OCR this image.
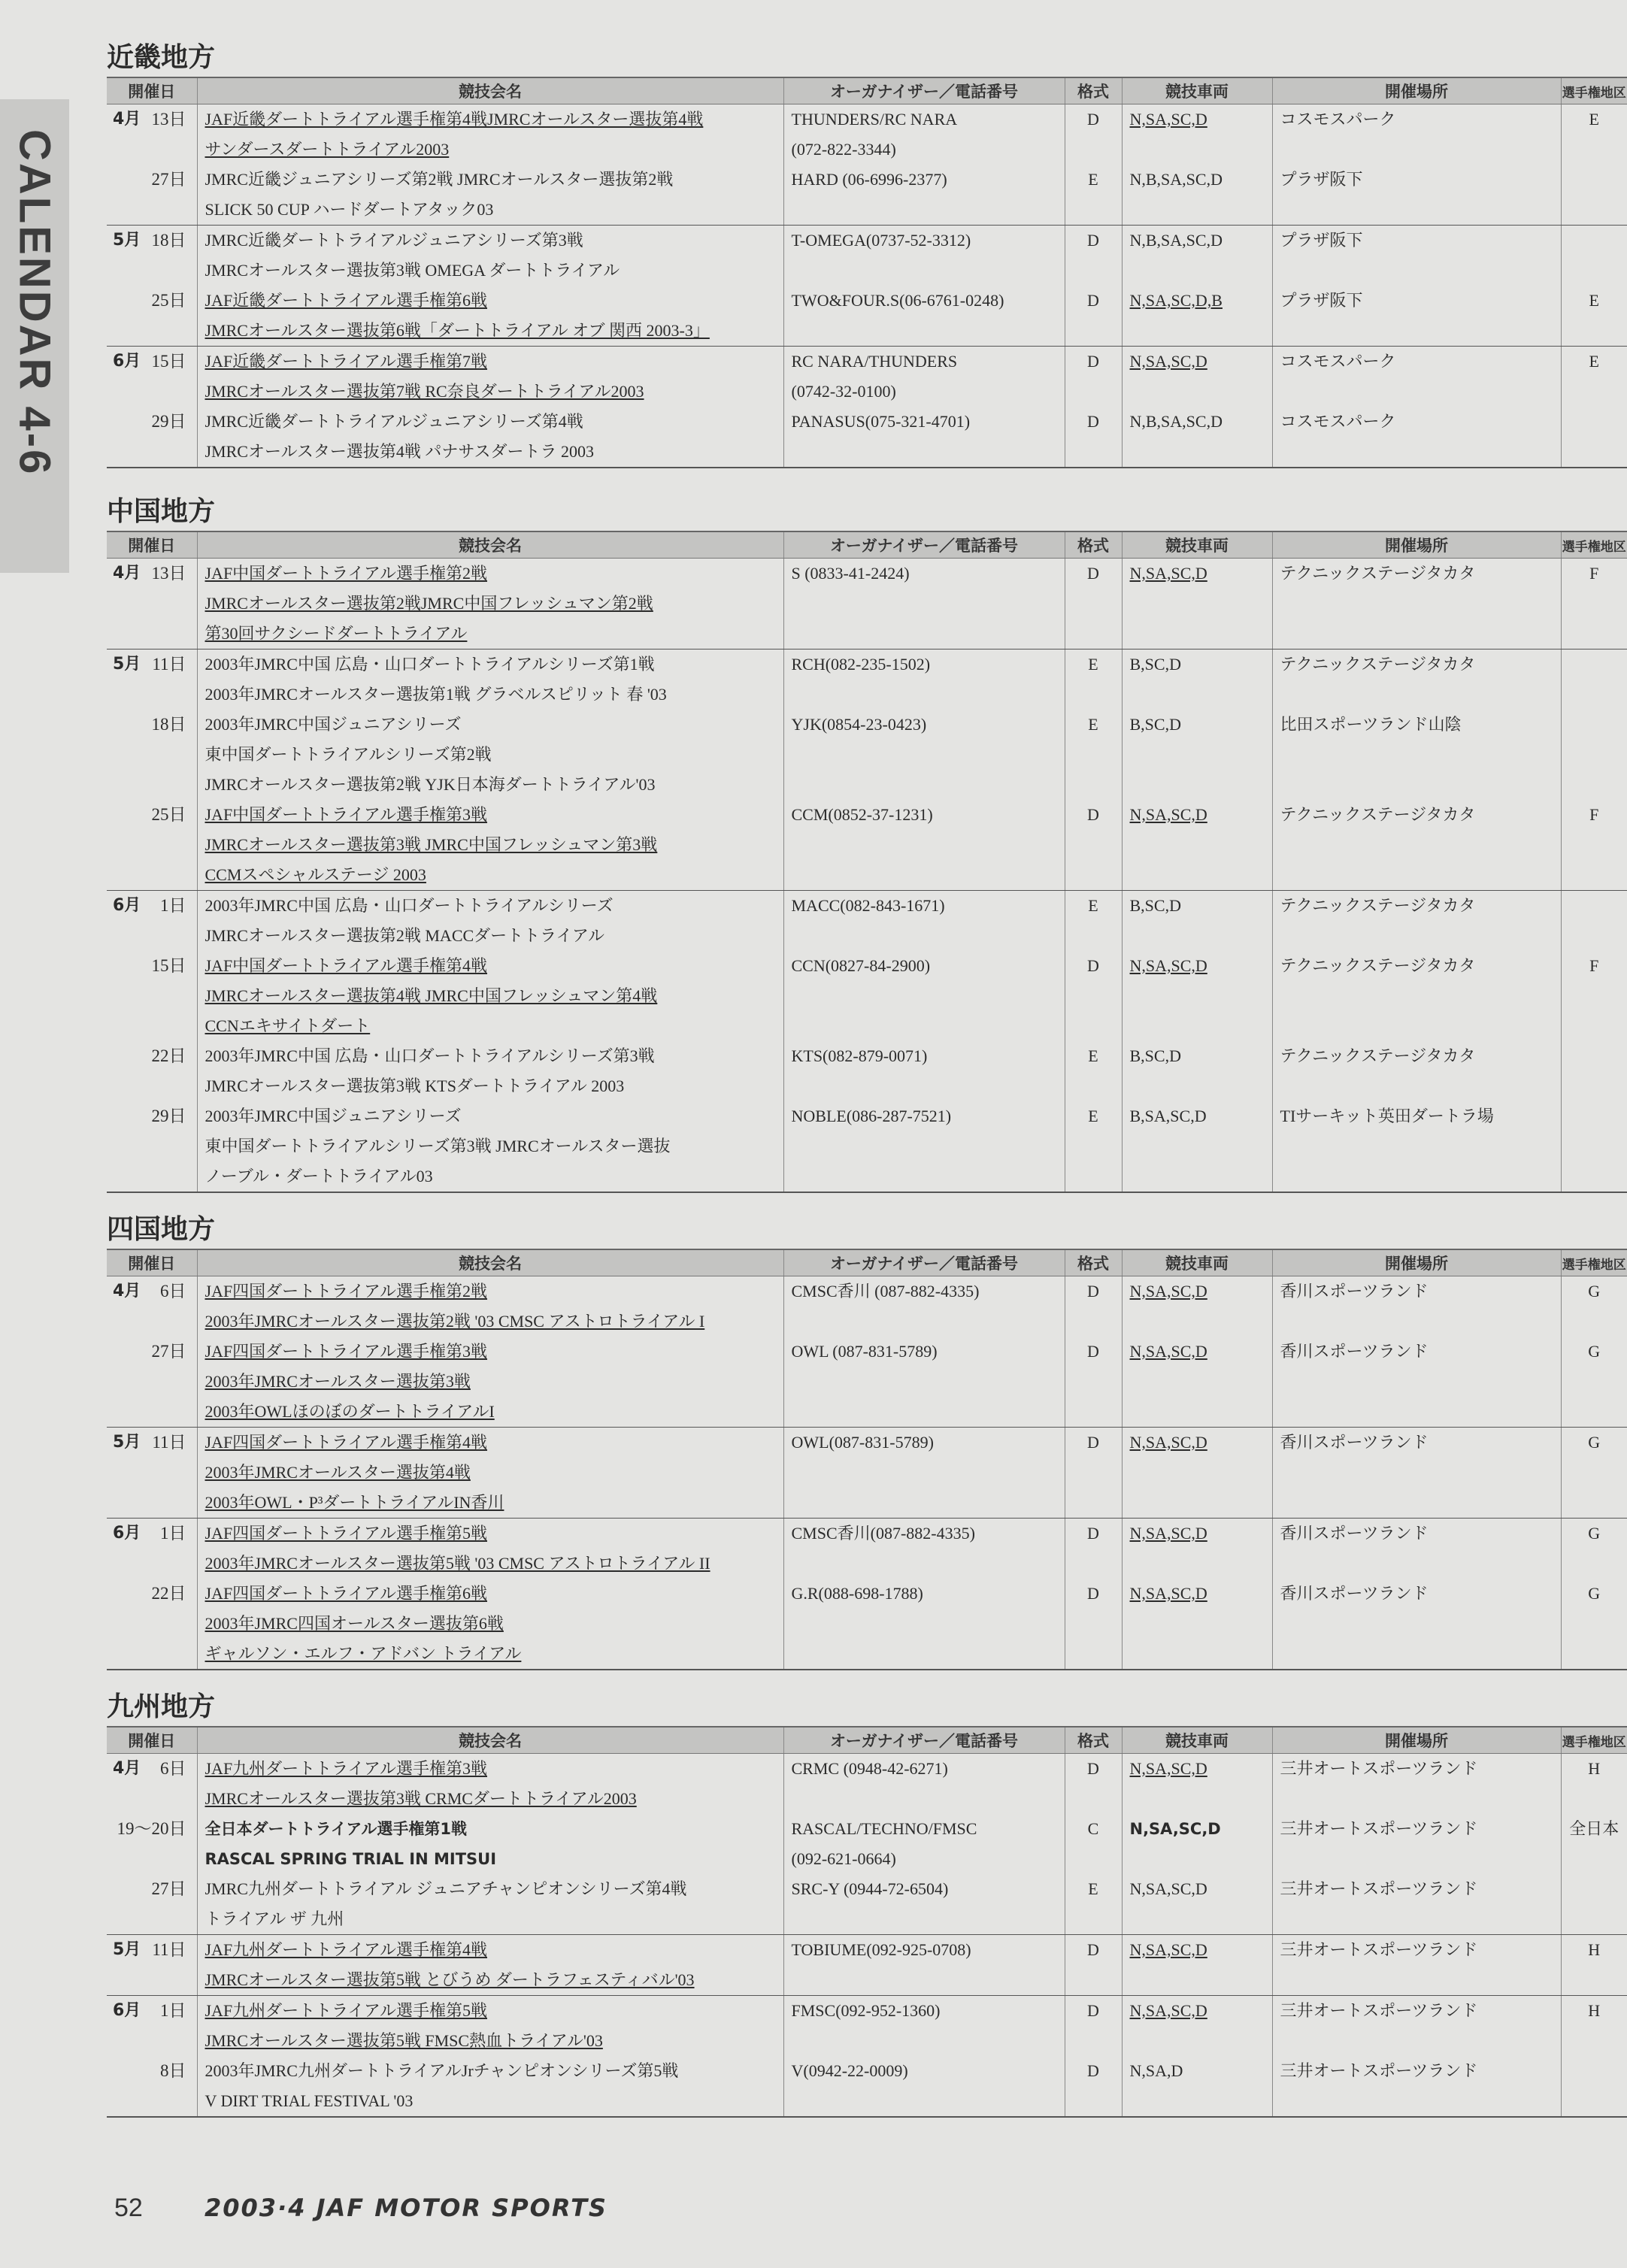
CALENDAR 4-6
近畿地方
開催日	競技会名	オーガナイザー／電話番号	格式	競技車両	開催場所	選手権地区

4月 13日	JAF近畿ダートトライアル選手権第4戦JMRCオールスター選抜第4戦
サンダースダートトライアル2003	THUNDERS/RC NARA
(072-822-3344)	D	N,SA,SC,D	コスモスパーク	E

27日	JMRC近畿ジュニアシリーズ第2戦 JMRCオールスター選抜第2戦
SLICK 50 CUP ハードダートアタック03	HARD (06-6996-2377)	E	N,B,SA,SC,D	プラザ阪下	

5月 18日	JMRC近畿ダートトライアルジュニアシリーズ第3戦
JMRCオールスター選抜第3戦 OMEGA ダートトライアル	T-OMEGA(0737-52-3312)	D	N,B,SA,SC,D	プラザ阪下	

25日	JAF近畿ダートトライアル選手権第6戦
JMRCオールスター選抜第6戦「ダートトライアル オブ 関西 2003-3」	TWO&FOUR.S(06-6761-0248)	D	N,SA,SC,D,B	プラザ阪下	E

6月 15日	JAF近畿ダートトライアル選手権第7戦
JMRCオールスター選抜第7戦 RC奈良ダートトライアル2003	RC NARA/THUNDERS
(0742-32-0100)	D	N,SA,SC,D	コスモスパーク	E

29日	JMRC近畿ダートトライアルジュニアシリーズ第4戦
JMRCオールスター選抜第4戦 パナサスダートラ 2003	PANASUS(075-321-4701)	D	N,B,SA,SC,D	コスモスパーク	

中国地方
開催日	競技会名	オーガナイザー／電話番号	格式	競技車両	開催場所	選手権地区

4月 13日	JAF中国ダートトライアル選手権第2戦
JMRCオールスター選抜第2戦JMRC中国フレッシュマン第2戦
第30回サクシードダートトライアル	S (0833-41-2424)	D	N,SA,SC,D	テクニックステージタカタ	F

5月 11日	2003年JMRC中国 広島・山口ダートトライアルシリーズ第1戦
2003年JMRCオールスター選抜第1戦 グラベルスピリット 春 '03	RCH(082-235-1502)	E	B,SC,D	テクニックステージタカタ	

18日	2003年JMRC中国ジュニアシリーズ
東中国ダートトライアルシリーズ第2戦
JMRCオールスター選抜第2戦 YJK日本海ダートトライアル'03	YJK(0854-23-0423)	E	B,SC,D	比田スポーツランド山陰	

25日	JAF中国ダートトライアル選手権第3戦
JMRCオールスター選抜第3戦 JMRC中国フレッシュマン第3戦
CCMスペシャルステージ 2003	CCM(0852-37-1231)	D	N,SA,SC,D	テクニックステージタカタ	F

6月 1日	2003年JMRC中国 広島・山口ダートトライアルシリーズ
JMRCオールスター選抜第2戦 MACCダートトライアル	MACC(082-843-1671)	E	B,SC,D	テクニックステージタカタ	

15日	JAF中国ダートトライアル選手権第4戦
JMRCオールスター選抜第4戦 JMRC中国フレッシュマン第4戦
CCNエキサイトダート	CCN(0827-84-2900)	D	N,SA,SC,D	テクニックステージタカタ	F

22日	2003年JMRC中国 広島・山口ダートトライアルシリーズ第3戦
JMRCオールスター選抜第3戦 KTSダートトライアル 2003	KTS(082-879-0071)	E	B,SC,D	テクニックステージタカタ	

29日	2003年JMRC中国ジュニアシリーズ
東中国ダートトライアルシリーズ第3戦 JMRCオールスター選抜
ノーブル・ダートトライアル03	NOBLE(086-287-7521)	E	B,SA,SC,D	TIサーキット英田ダートラ場	

四国地方
開催日	競技会名	オーガナイザー／電話番号	格式	競技車両	開催場所	選手権地区

4月 6日	JAF四国ダートトライアル選手権第2戦
2003年JMRCオールスター選抜第2戦 '03 CMSC アストロトライアル I	CMSC香川 (087-882-4335)	D	N,SA,SC,D	香川スポーツランド	G

27日	JAF四国ダートトライアル選手権第3戦
2003年JMRCオールスター選抜第3戦
2003年OWLほのぼのダートトライアルI	OWL (087-831-5789)	D	N,SA,SC,D	香川スポーツランド	G

5月 11日	JAF四国ダートトライアル選手権第4戦
2003年JMRCオールスター選抜第4戦
2003年OWL・P³ダートトライアルIN香川	OWL(087-831-5789)	D	N,SA,SC,D	香川スポーツランド	G

6月 1日	JAF四国ダートトライアル選手権第5戦
2003年JMRCオールスター選抜第5戦 '03 CMSC アストロトライアル II	CMSC香川(087-882-4335)	D	N,SA,SC,D	香川スポーツランド	G

22日	JAF四国ダートトライアル選手権第6戦
2003年JMRC四国オールスター選抜第6戦
ギャルソン・エルフ・アドバン トライアル	G.R(088-698-1788)	D	N,SA,SC,D	香川スポーツランド	G
九州地方
開催日	競技会名	オーガナイザー／電話番号	格式	競技車両	開催場所	選手権地区

4月 6日	JAF九州ダートトライアル選手権第3戦
JMRCオールスター選抜第3戦 CRMCダートトライアル2003	CRMC (0948-42-6271)	D	N,SA,SC,D	三井オートスポーツランド	H

19～20日	全日本ダートトライアル選手権第1戦
RASCAL SPRING TRIAL IN MITSUI	RASCAL/TECHNO/FMSC
(092-621-0664)	C	N,SA,SC,D	三井オートスポーツランド	全日本

27日	JMRC九州ダートトライアル ジュニアチャンピオンシリーズ第4戦
トライアル ザ 九州	SRC-Y (0944-72-6504)	E	N,SA,SC,D	三井オートスポーツランド	

5月 11日	JAF九州ダートトライアル選手権第4戦
JMRCオールスター選抜第5戦 とびうめ ダートラフェスティバル'03	TOBIUME(092-925-0708)	D	N,SA,SC,D	三井オートスポーツランド	H

6月 1日	JAF九州ダートトライアル選手権第5戦
JMRCオールスター選抜第5戦 FMSC熱血トライアル'03	FMSC(092-952-1360)	D	N,SA,SC,D	三井オートスポーツランド	H

8日	2003年JMRC九州ダートトライアルJrチャンピオンシリーズ第5戦
V DIRT TRIAL FESTIVAL '03	V(0942-22-0009)	D	N,SA,D	三井オートスポーツランド	

52	2003·4 JAF MOTOR SPORTS
